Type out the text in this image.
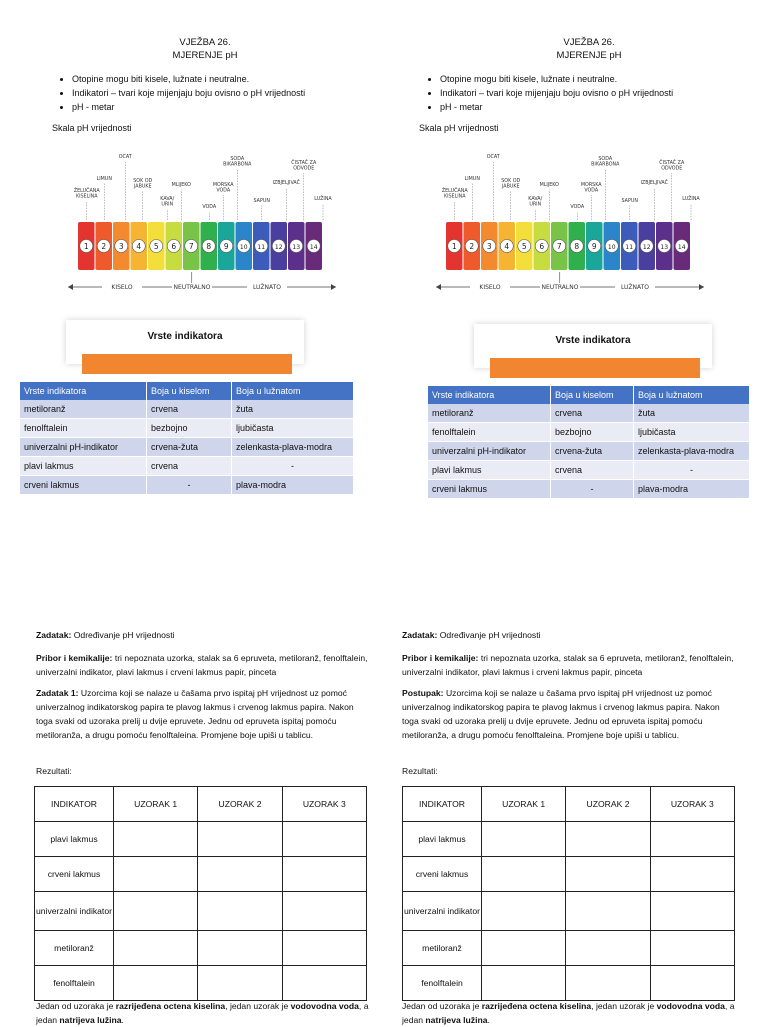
VJEŽBA 26.
MJERENJE pH
• Otopine mogu biti kisele, lužnate i neutralne.
• Indikatori – tvari koje mijenjaju boju ovisno o pH vrijednosti
• pH - metar
Skala pH vrijednosti
1 2 3 4 5 6 7 8 9 10 11 12 13 14
ŽELUČANA KISELINA
LIMUN
OCAT
SOK OD JABUKE
KAVA/ URIN
MLIJEKO
VODA
MORSKA VODA
SODA BIKARBONA
SAPUN
IZBJELJIVAČ
ČISTAČ ZA ODVODE
LUŽINA
KISELO	NEUTRALNO	LUŽNATO
Vrste indikatora
Vrste indikatora	Boja u kiselom	Boja u lužnatom
metiloranž	crvena	žuta
fenolftalein	bezbojno	ljubičasta
univerzalni pH-indikator	crvena-žuta	zelenkasta-plava-modra
plavi lakmus	crvena	-
crveni lakmus	-	plava-modra
Zadatak: Određivanje pH vrijednosti
Pribor i kemikalije: tri nepoznata uzorka, stalak sa 6 epruveta, metiloranž, fenolftalein, univerzalni indikator, plavi lakmus i crveni lakmus papir, pinceta
Zadatak 1: Uzorcima koji se nalaze u čašama prvo ispitaj pH vrijednost uz pomoć univerzalnog indikatorskog papira te plavog lakmus i crvenog lakmus papira. Nakon toga svaki od uzoraka prelij u dvije epruvete. Jednu od epruveta ispitaj pomoću metiloranža, a drugu pomoću fenolftaleina. Promjene boje upiši u tablicu.
Rezultati:
INDIKATOR	UZORAK 1	UZORAK 2	UZORAK 3
plavi lakmus			
crveni lakmus			
univerzalni indikator			
metiloranž			
fenolftalein			
Jedan od uzoraka je razrijeđena octena kiselina, jedan uzorak je vodovodna voda, a jedan natrijeva lužina.
VJEŽBA 26.
MJERENJE pH
• Otopine mogu biti kisele, lužnate i neutralne.
• Indikatori – tvari koje mijenjaju boju ovisno o pH vrijednosti
• pH - metar
Skala pH vrijednosti
1 2 3 4 5 6 7 8 9 10 11 12 13 14
ŽELUČANA KISELINA
LIMUN
OCAT
SOK OD JABUKE
KAVA/ URIN
MLIJEKO
VODA
MORSKA VODA
SODA BIKARBONA
SAPUN
IZBJELJIVAČ
ČISTAČ ZA ODVODE
LUŽINA
KISELO	NEUTRALNO	LUŽNATO
Vrste indikatora
Vrste indikatora	Boja u kiselom	Boja u lužnatom
metiloranž	crvena	žuta
fenolftalein	bezbojno	ljubičasta
univerzalni pH-indikator	crvena-žuta	zelenkasta-plava-modra
plavi lakmus	crvena	-
crveni lakmus	-	plava-modra
Zadatak: Određivanje pH vrijednosti
Pribor i kemikalije: tri nepoznata uzorka, stalak sa 6 epruveta, metiloranž, fenolftalein, univerzalni indikator, plavi lakmus i crveni lakmus papir, pinceta
Postupak: Uzorcima koji se nalaze u čašama prvo ispitaj pH vrijednost uz pomoć univerzalnog indikatorskog papira te plavog lakmus i crvenog lakmus papira. Nakon toga svaki od uzoraka prelij u dvije epruvete. Jednu od epruveta ispitaj pomoću metiloranža, a drugu pomoću fenolftaleina. Promjene boje upiši u tablicu.
Rezultati:
INDIKATOR	UZORAK 1	UZORAK 2	UZORAK 3
plavi lakmus			
crveni lakmus			
univerzalni indikator			
metiloranž			
fenolftalein			
Jedan od uzoraka je razrijeđena octena kiselina, jedan uzorak je vodovodna voda, a jedan natrijeva lužina.
